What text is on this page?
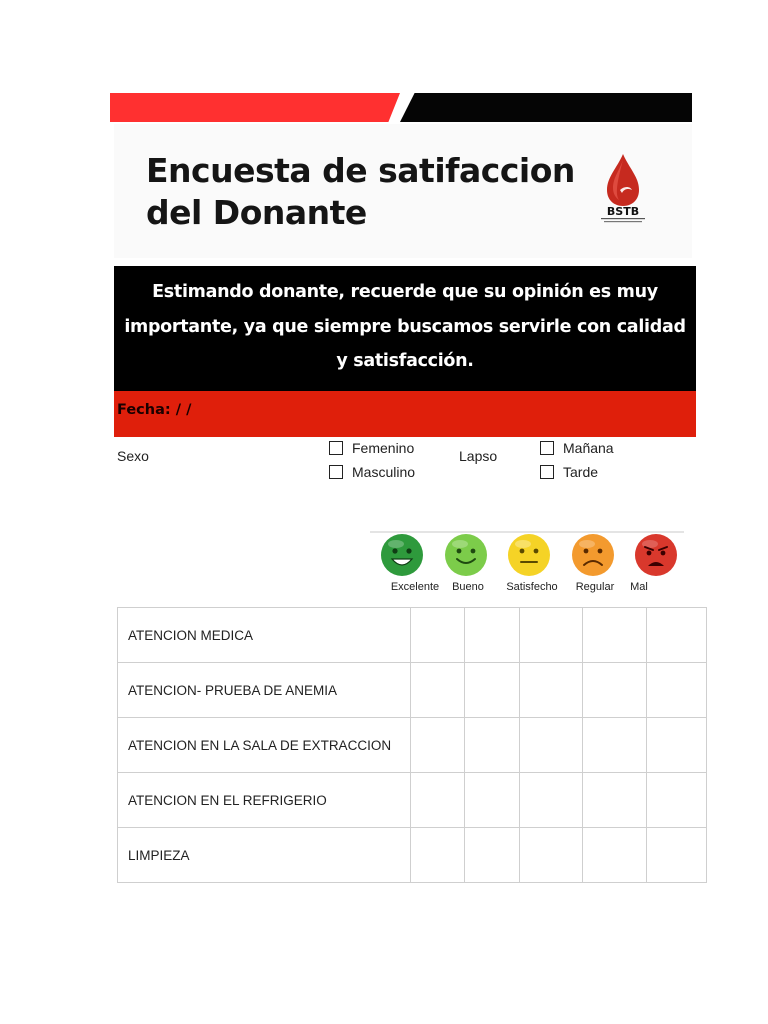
Encuesta de satifaccion
del Donante	BSTB
Estimando donante, recuerde que su opinión es muy
importante, ya que siempre buscamos servirle con calidad
y satisfacción.
Fecha: / /
Sexo	Femenino
Masculino
Lapso	Mañana
Tarde
Excelente	Bueno	Satisfecho	Regular	Mal
ATENCION MEDICA					
ATENCION- PRUEBA DE ANEMIA					
ATENCION EN LA SALA DE EXTRACCION					
ATENCION EN EL REFRIGERIO					
LIMPIEZA					
